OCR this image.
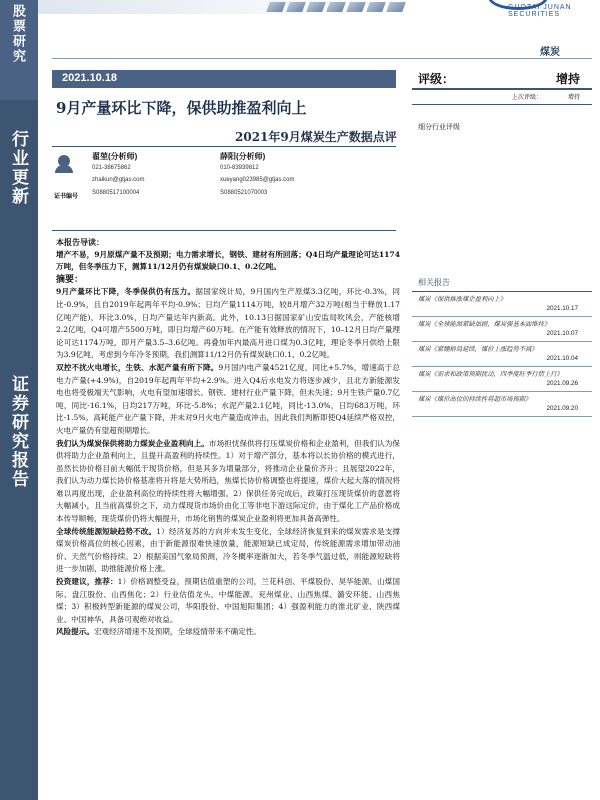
股票研究
行业更新
证券研究报告
GUOTAI JUNAN SECURITIES
煤炭
2021.10.18
9月产量环比下降，保供助推盈利向上
2021年9月煤炭生产数据点评
翟堃(分析师)
021-38675862
zhaikun@gtjas.com
S0880517100004
薛阳(分析师)
010-83939812
xueyang023985@gtjas.com
S0880521070003
证书编号
评级：	增持
上次评级：	增持
细分行业评级
相关报告
煤炭《保供推涨煤企盈利向上》
2021.10.17
煤炭《全球能源紧缺加剧，煤炭强基本面维持》
2021.10.07
煤炭《紧绷格局延续，煤价上涨趋势不减》
2021.10.04
煤炭《需求和政策预期扰动，四季度旺季行情上行》
2021.09.26
煤炭《煤价高位的持续性将超市场预期》
2021.09.20
本报告导读：
增产不易，9月原煤产量不及预期；电力需求增长，钢铁、建材有所回落；Q4日均产量理论可达1174万吨，但冬季压力下，测算11/12月仍有煤炭缺口0.1、0.2亿吨。
摘要：
9月产量环比下降，冬季保供仍有压力。据国家统计局，9月国内生产原煤3.3亿吨，环比-0.3%，同比-0.9%，且自2019年起两年平均-0.9%；日均产量1114万吨，较8月增产32万吨(相当于释放1.17亿吨产能)，环比3.0%，日均产量达年内新高。此外，10.13日据国家矿山安监局吹风会，产能核增2.2亿吨，Q4可增产5500万吨，即日均增产60万吨。在产能有效释放的情况下，10–12月日均产量理论可达1174万吨，即月产量3.5–3.6亿吨。再叠加年内最高月进口煤为0.3亿吨，理论冬季月供给上限为3.9亿吨，考虑到今年冷冬预期，我们测算11/12月仍有煤炭缺口0.1、0.2亿吨。
双控不扰火电增长，生铁、水泥产量有所下降。9月国内电产量4521亿度，同比+5.7%，增速高于总电力产量(+4.9%)，自2019年起两年平均+2.9%。进入Q4后水电发力将逐步减少，且北方新能源发电也将受极端天气影响，火电有望加速增长。钢铁、建材行业产量下降，但未失速；9月生铁产量0.7亿吨，同比-16.1%，日均217万吨，环比-5.8%；水泥产量2.1亿吨，同比-13.0%，日均683万吨，环比-1.5%。高耗能产业产量下降，并未对9月火电产量造成冲击，因此我们判断即使Q4延续严格双控，火电产量仍有望超预期增长。
我们认为煤炭保供将助力煤炭企业盈利向上。市场担忧保供将打压煤炭价格和企业盈利，但我们认为保供将助力企业盈利向上，且提升高盈利的持续性。1）对于增产部分，基本将以长协价格的模式进行，虽然长协价格目前大幅低于现货价格，但是其多为增量部分，将推动企业量价齐升；且展望2022年，我们认为动力煤长协价格基准将升将是大势所趋，焦煤长协价格调整也将提速，煤价大起大落的情况将难以再度出现，企业盈利高位的持续性将大幅增强。2）保供任务完成后，政策打压现货煤价的意愿将大幅减小，且当前高煤价之下，动力煤现货市场价由化工等非电下游这际定价，由于煤化工产品价格成本传导顺畅，现货煤价仍将大幅提升，市场化销售的煤炭企业盈利将更加具备高弹性。
全球传统能源短缺趋势不改。1）经济复苏的方向并未发生变化，全球经济恢复到来的煤炭需求是支撑煤炭价格高位的核心因素，由于新能源很难快速放量，能源短缺已成定局，传统能源需求增加带动油价、天然气价格持续。2）根据美国气象局预测，冷冬概率逐渐加大，若冬季气温过低，则能源短缺将进一步加剧，助推能源价格上涨。
投资建议，推荐：1）价格调整受益，预期估值重塑的公司，兰花科创、平煤股份、昊华能源、山煤国际、盘江股份、山西焦化；2）行业估值龙头，中煤能源、兖州煤业、山西焦煤、潞安环能、山西焦煤；3）积极转型新能源的煤炭公司，华阳股份、中国旭阳集团；4）强盈利能力的淮北矿业、陕西煤业、中国神华，具备可观绝对收益。
风险提示。宏观经济增速不及预期，全球疫情带来不确定性。
